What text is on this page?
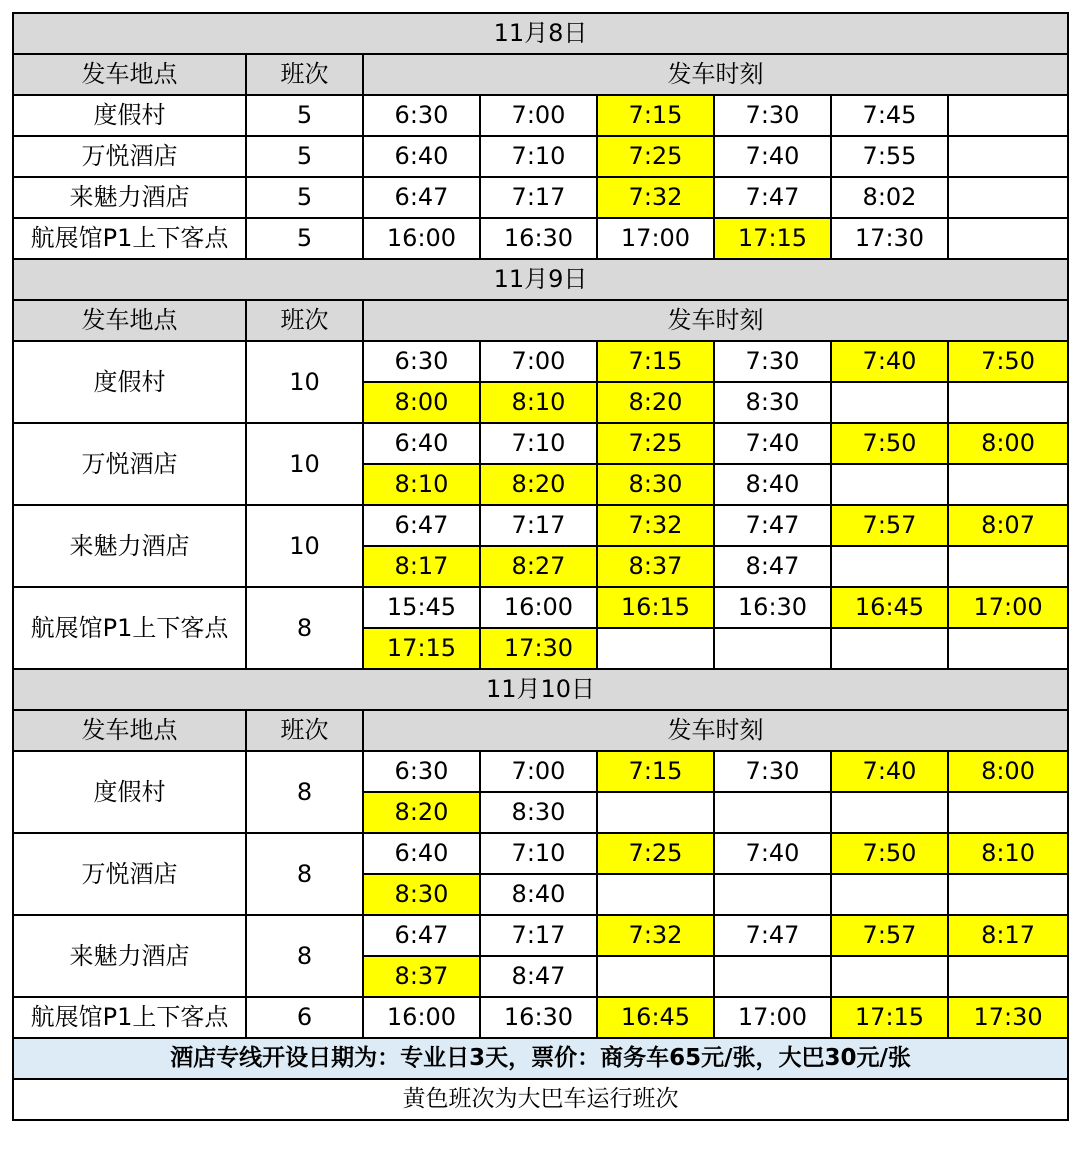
11月8日							
发车地点	班次	发车时刻					
度假村	5	6:30	7:00	7:15	7:30	7:45	
万悦酒店	5	6:40	7:10	7:25	7:40	7:55	
来魅力酒店	5	6:47	7:17	7:32	7:47	8:02	
航展馆P1上下客点	5	16:00	16:30	17:00	17:15	17:30	
11月9日							
发车地点	班次	发车时刻					
度假村	10	6:30	7:00	7:15	7:30	7:40	7:50
		8:00	8:10	8:20	8:30		
万悦酒店	10	6:40	7:10	7:25	7:40	7:50	8:00
		8:10	8:20	8:30	8:40		
来魅力酒店	10	6:47	7:17	7:32	7:47	7:57	8:07
		8:17	8:27	8:37	8:47		
航展馆P1上下客点	8	15:45	16:00	16:15	16:30	16:45	17:00
		17:15	17:30				
11月10日							
发车地点	班次	发车时刻					
度假村	8	6:30	7:00	7:15	7:30	7:40	8:00
		8:20	8:30				
万悦酒店	8	6:40	7:10	7:25	7:40	7:50	8:10
		8:30	8:40				
来魅力酒店	8	6:47	7:17	7:32	7:47	7:57	8:17
		8:37	8:47				
航展馆P1上下客点	6	16:00	16:30	16:45	17:00	17:15	17:30
酒店专线开设日期为：专业日3天，票价：商务车65元/张，大巴30元/张							
黄色班次为大巴车运行班次							
